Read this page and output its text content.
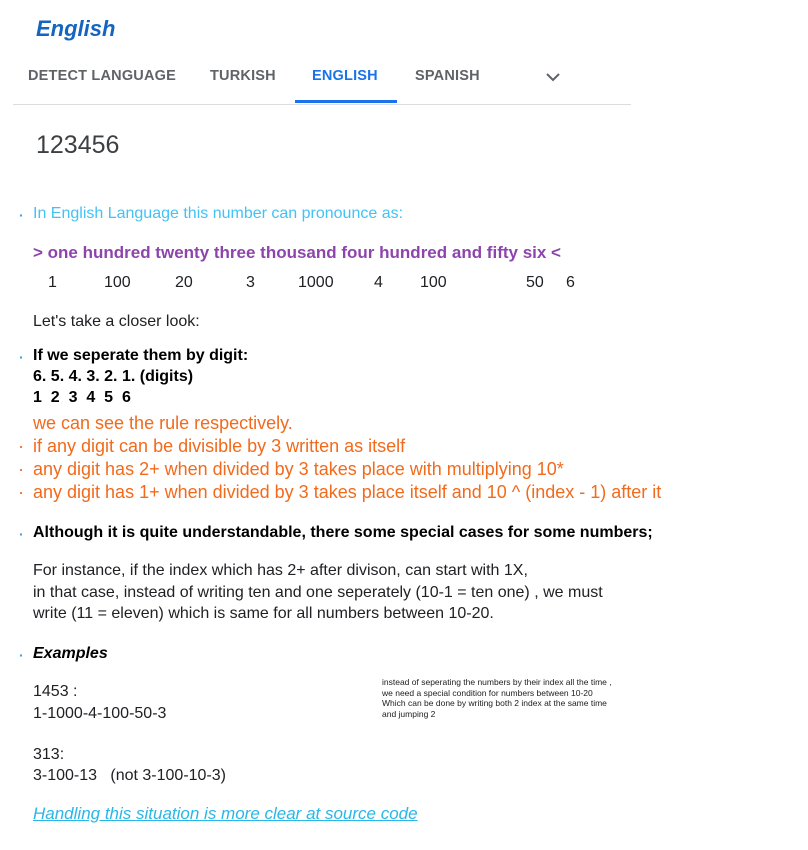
English
DETECT LANGUAGE TURKISH ENGLISH	SPANISH
123456
· In English Language this number can pronounce as:
> one hundred twenty three thousand four hundred and fifty six <
1	100	20	3	1000	4 100	50 6
Let's take a closer look:
· If we seperate them by digit:
6. 5. 4. 3. 2. 1. (digits)
1  2  3  4  5  6
we can see the rule respectively.
· if any digit can be divisible by 3 written as itself
· any digit has 2+ when divided by 3 takes place with multiplying 10*
· any digit has 1+ when divided by 3 takes place itself and 10 ^ (index - 1) after it
· Although it is quite understandable, there some special cases for some numbers;
For instance, if the index which has 2+ after divison, can start with 1X,
in that case, instead of writing ten and one seperately (10-1 = ten one) , we must
write (11 = eleven) which is same for all numbers between 10-20.
· Examples
1453 :
1-1000-4-100-50-3
313:
3-100-13   (not 3-100-10-3)
instead of seperating the numbers by their index all the time ,
we need a special condition for numbers between 10-20
Which can be done by writing both 2 index at the same time
and jumping 2
Handling this situation is more clear at source code
